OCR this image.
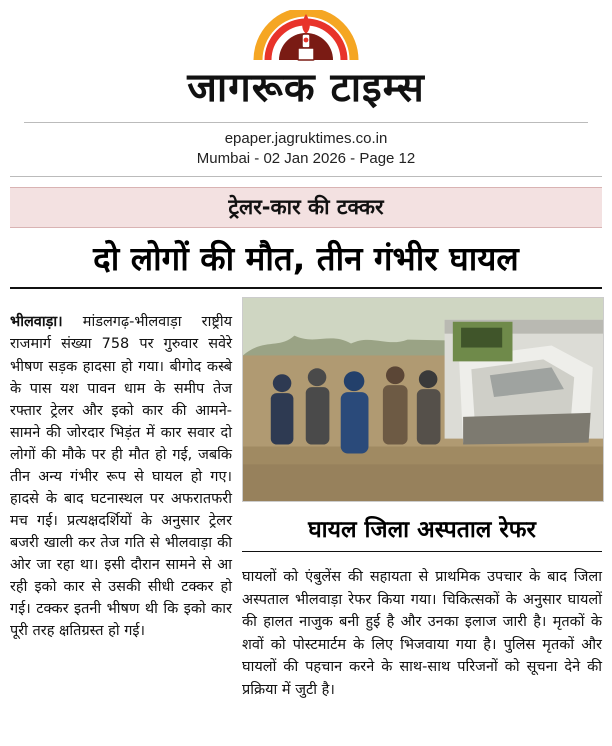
जागरूक टाइम्स
epaper.jagruktimes.co.in
Mumbai - 02 Jan 2026 - Page 12
ट्रेलर-कार की टक्कर
दो लोगों की मौत, तीन गंभीर घायल

भीलवाड़ा। मांडलगढ़-भीलवाड़ा राष्ट्रीय राजमार्ग संख्या 758 पर गुरुवार सवेरे भीषण सड़क हादसा हो गया। बीगोद कस्बे के पास यश पावन धाम के समीप तेज रफ्तार ट्रेलर और इको कार की आमने-सामने की जोरदार भिड़ंत में कार सवार दो लोगों की मौके पर ही मौत हो गई, जबकि तीन अन्य गंभीर रूप से घायल हो गए। हादसे के बाद घटनास्थल पर अफरातफरी मच गई। प्रत्यक्षदर्शियों के अनुसार ट्रेलर बजरी खाली कर तेज गति से भीलवाड़ा की ओर जा रहा था। इसी दौरान सामने से आ रही इको कार से उसकी सीधी टक्कर हो गई। टक्कर इतनी भीषण थी कि इको कार पूरी तरह क्षतिग्रस्त हो गई।

घायल जिला अस्पताल रेफर

घायलों को एंबुलेंस की सहायता से प्राथमिक उपचार के बाद जिला अस्पताल भीलवाड़ा रेफर किया गया। चिकित्सकों के अनुसार घायलों की हालत नाजुक बनी हुई है और उनका इलाज जारी है। मृतकों के शवों को पोस्टमार्टम के लिए भिजवाया गया है। पुलिस मृतकों और घायलों की पहचान करने के साथ-साथ परिजनों को सूचना देने की प्रक्रिया में जुटी है।
